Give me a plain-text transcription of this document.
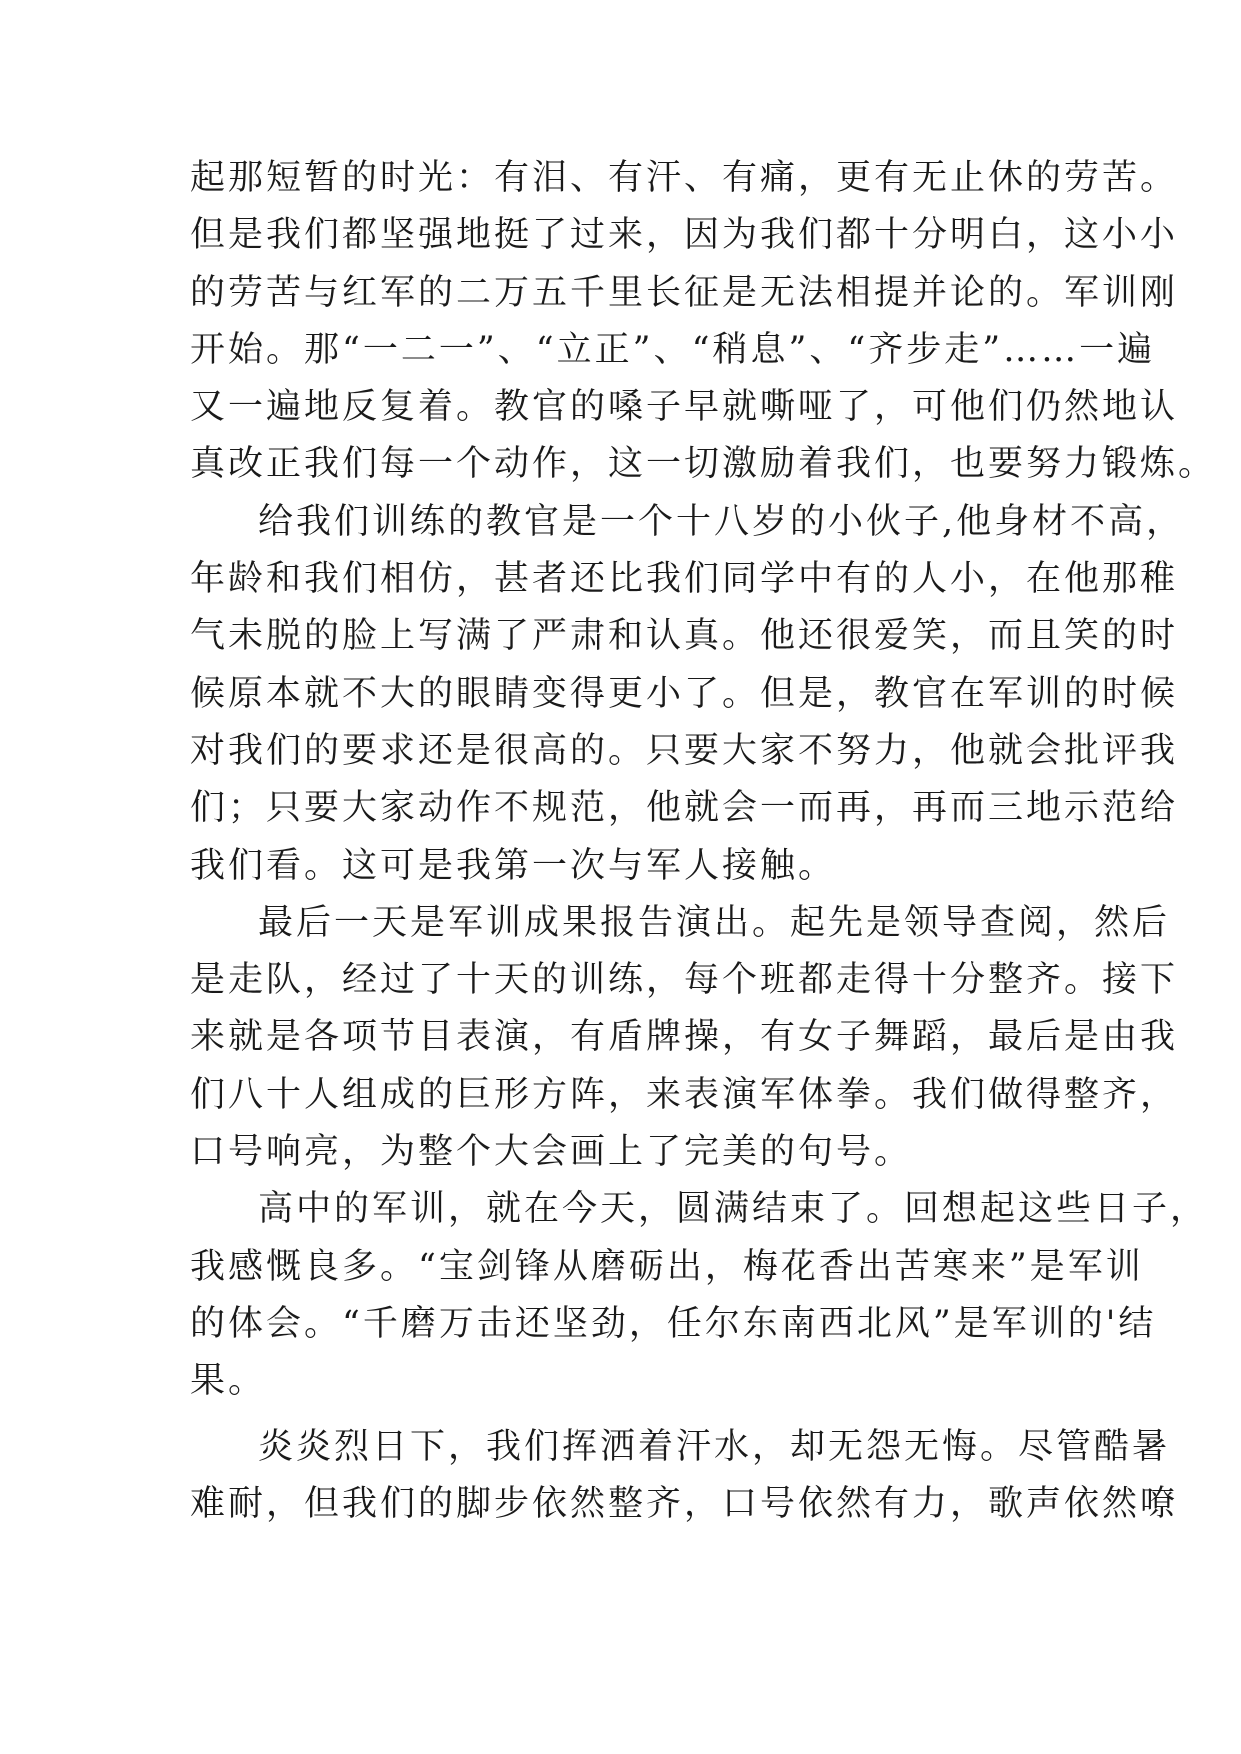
起那短暂的时光：有泪、有汗、有痛，更有无止休的劳苦。
但是我们都坚强地挺了过来，因为我们都十分明白，这小小
的劳苦与红军的二万五千里长征是无法相提并论的。军训刚
开始。那“一二一”、“立正”、“稍息”、“齐步走”……一遍
又一遍地反复着。教官的嗓子早就嘶哑了，可他们仍然地认
真改正我们每一个动作，这一切激励着我们，也要努力锻炼。
给我们训练的教官是一个十八岁的小伙子,他身材不高，
年龄和我们相仿，甚者还比我们同学中有的人小，在他那稚
气未脱的脸上写满了严肃和认真。他还很爱笑，而且笑的时
候原本就不大的眼睛变得更小了。但是，教官在军训的时候
对我们的要求还是很高的。只要大家不努力，他就会批评我
们；只要大家动作不规范，他就会一而再，再而三地示范给
我们看。这可是我第一次与军人接触。
最后一天是军训成果报告演出。起先是领导查阅，然后
是走队，经过了十天的训练，每个班都走得十分整齐。接下
来就是各项节目表演，有盾牌操，有女子舞蹈，最后是由我
们八十人组成的巨形方阵，来表演军体拳。我们做得整齐，
口号响亮，为整个大会画上了完美的句号。
高中的军训，就在今天，圆满结束了。回想起这些日子，
我感慨良多。“宝剑锋从磨砺出，梅花香出苦寒来”是军训
的体会。“千磨万击还坚劲，任尔东南西北风”是军训的'结
果。
炎炎烈日下，我们挥洒着汗水，却无怨无悔。尽管酷暑
难耐，但我们的脚步依然整齐，口号依然有力，歌声依然嘹
